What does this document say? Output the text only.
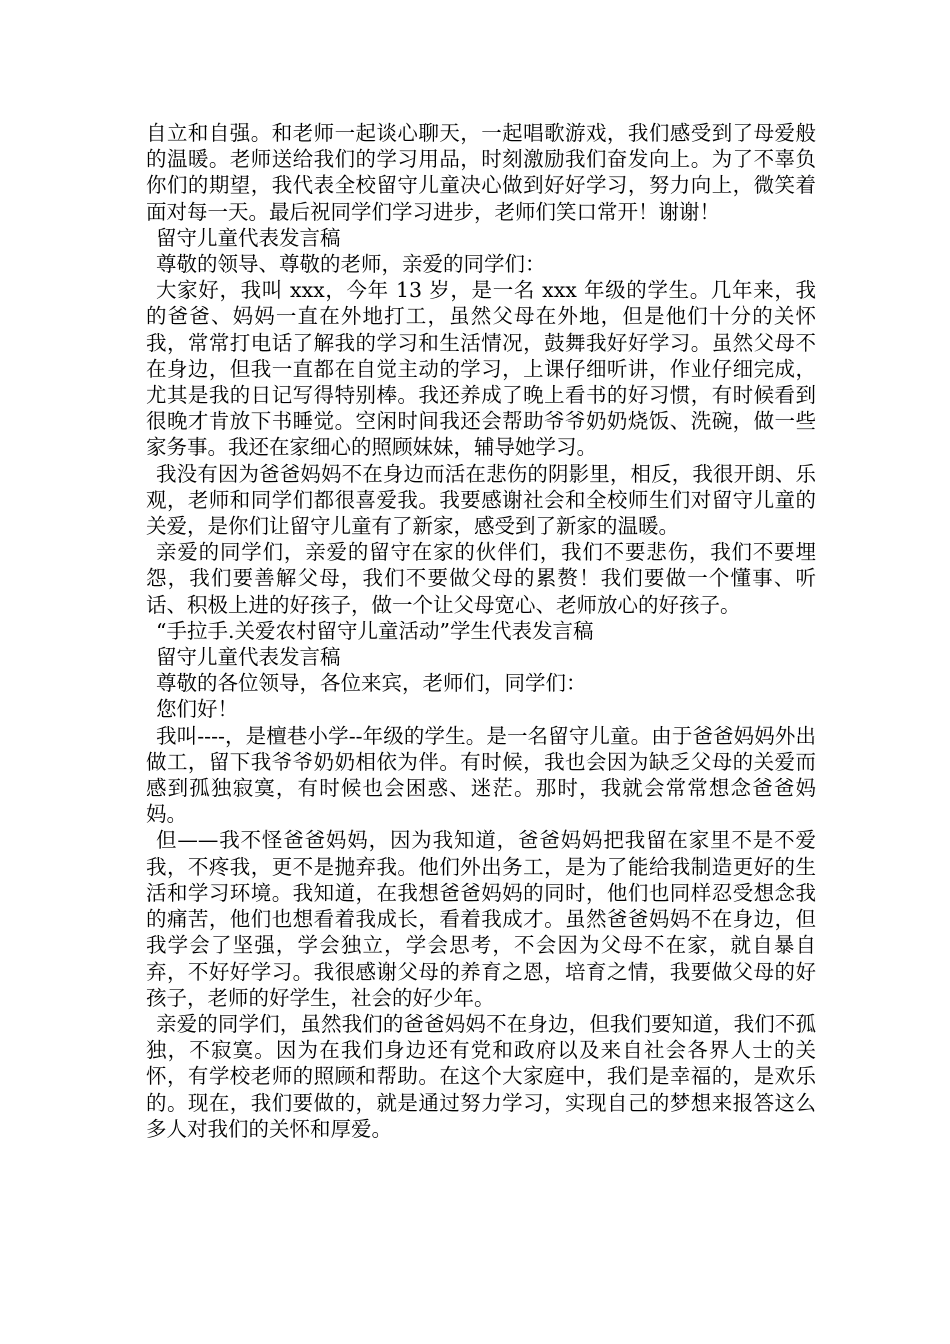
自立和自强。和老师一起谈心聊天，一起唱歌游戏，我们感受到了母爱般的温暖。老师送给我们的学习用品，时刻激励我们奋发向上。为了不辜负你们的期望，我代表全校留守儿童决心做到好好学习，努力向上，微笑着面对每一天。最后祝同学们学习进步，老师们笑口常开！谢谢！

留守儿童代表发言稿

尊敬的领导、尊敬的老师，亲爱的同学们：

大家好，我叫 xxx，今年 13 岁，是一名 xxx 年级的学生。几年来，我的爸爸、妈妈一直在外地打工，虽然父母在外地，但是他们十分的关怀我，常常打电话了解我的学习和生活情况，鼓舞我好好学习。虽然父母不在身边，但我一直都在自觉主动的学习，上课仔细听讲，作业仔细完成，尤其是我的日记写得特别棒。我还养成了晚上看书的好习惯，有时候看到很晚才肯放下书睡觉。空闲时间我还会帮助爷爷奶奶烧饭、洗碗，做一些家务事。我还在家细心的照顾妹妹，辅导她学习。

我没有因为爸爸妈妈不在身边而活在悲伤的阴影里，相反，我很开朗、乐观，老师和同学们都很喜爱我。我要感谢社会和全校师生们对留守儿童的关爱，是你们让留守儿童有了新家，感受到了新家的温暖。

亲爱的同学们，亲爱的留守在家的伙伴们，我们不要悲伤，我们不要埋怨，我们要善解父母，我们不要做父母的累赘！我们要做一个懂事、听话、积极上进的好孩子，做一个让父母宽心、老师放心的好孩子。

“手拉手.关爱农村留守儿童活动”学生代表发言稿

留守儿童代表发言稿

尊敬的各位领导，各位来宾，老师们，同学们：

您们好！

我叫----，是檀巷小学--年级的学生。是一名留守儿童。由于爸爸妈妈外出做工，留下我爷爷奶奶相依为伴。有时候，我也会因为缺乏父母的关爱而感到孤独寂寞，有时候也会困惑、迷茫。那时，我就会常常想念爸爸妈妈。

但——我不怪爸爸妈妈，因为我知道，爸爸妈妈把我留在家里不是不爱我，不疼我，更不是抛弃我。他们外出务工，是为了能给我制造更好的生活和学习环境。我知道，在我想爸爸妈妈的同时，他们也同样忍受想念我的痛苦，他们也想看着我成长，看着我成才。虽然爸爸妈妈不在身边，但我学会了坚强，学会独立，学会思考，不会因为父母不在家，就自暴自弃，不好好学习。我很感谢父母的养育之恩，培育之情，我要做父母的好孩子，老师的好学生，社会的好少年。

亲爱的同学们，虽然我们的爸爸妈妈不在身边，但我们要知道，我们不孤独，不寂寞。因为在我们身边还有党和政府以及来自社会各界人士的关怀，有学校老师的照顾和帮助。在这个大家庭中，我们是幸福的，是欢乐的。现在，我们要做的，就是通过努力学习，实现自己的梦想来报答这么多人对我们的关怀和厚爱。
